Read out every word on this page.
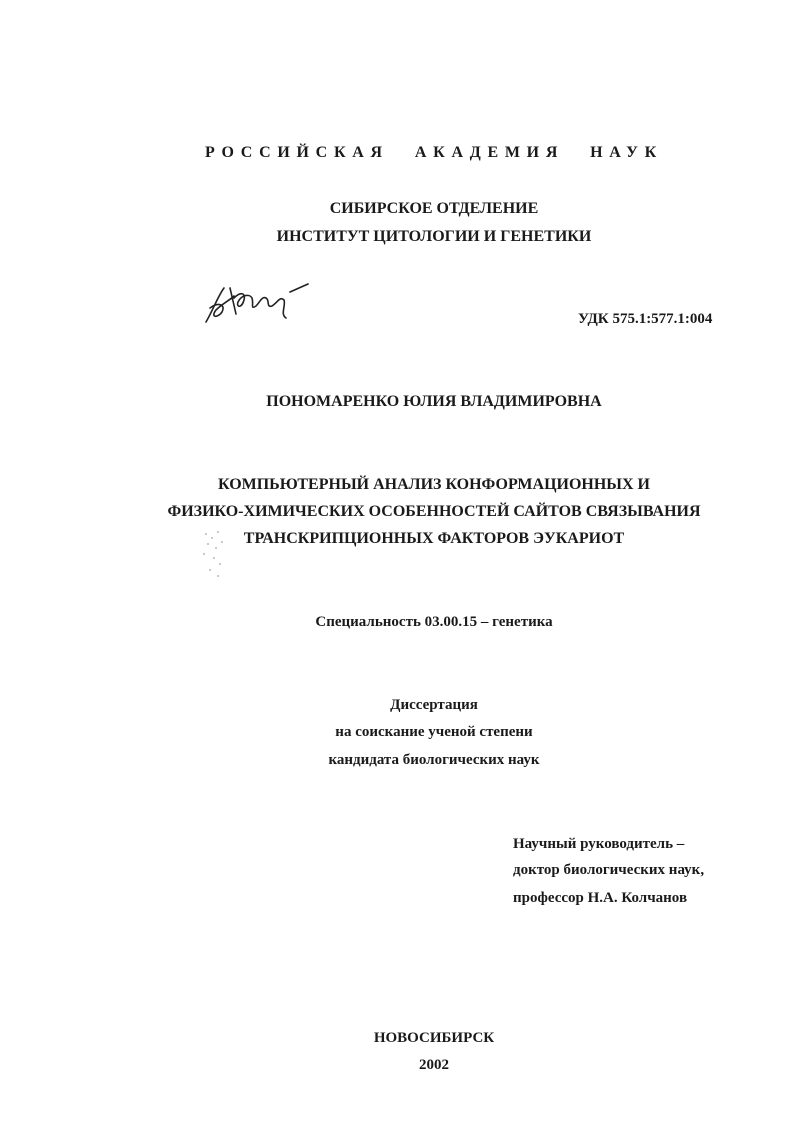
РОССИЙСКАЯ АКАДЕМИЯ НАУК
СИБИРСКОЕ ОТДЕЛЕНИЕ
ИНСТИТУТ ЦИТОЛОГИИ И ГЕНЕТИКИ
УДК 575.1:577.1:004
ПОНОМАРЕНКО ЮЛИЯ ВЛАДИМИРОВНА
КОМПЬЮТЕРНЫЙ АНАЛИЗ КОНФОРМАЦИОННЫХ И
ФИЗИКО-ХИМИЧЕСКИХ ОСОБЕННОСТЕЙ САЙТОВ СВЯЗЫВАНИЯ
ТРАНСКРИПЦИОННЫХ ФАКТОРОВ ЭУКАРИОТ
Специальность 03.00.15 – генетика
Диссертация
на соискание ученой степени
кандидата биологических наук
Научный руководитель –
доктор биологических наук,
профессор Н.А. Колчанов
НОВОСИБИРСК
2002
